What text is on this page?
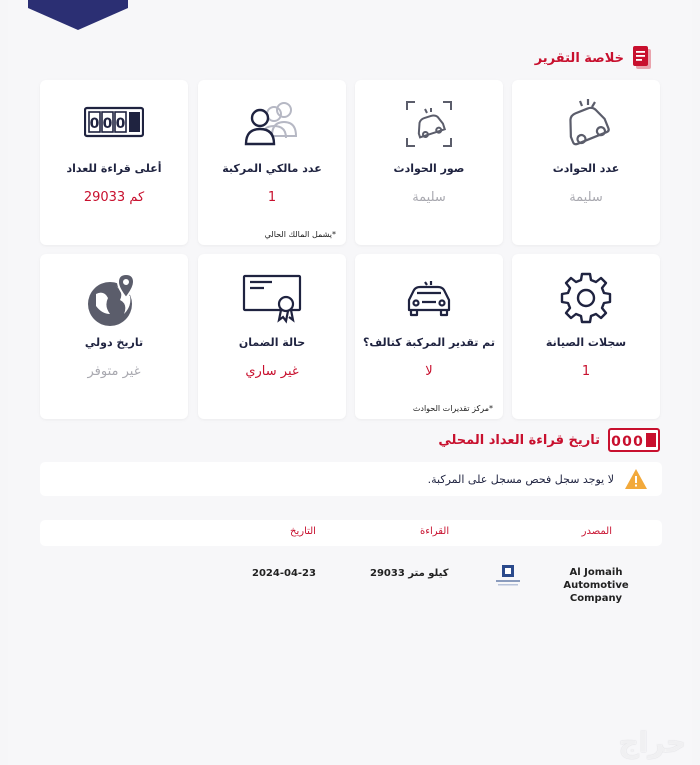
خلاصة التقرير
عدد الحوادث
سليمة
صور الحوادث
سليمة
عدد مالكي المركبة
1
*يشمل المالك الحالي
0 0 0
أعلى قراءة للعداد
29033 كم
سجلات الصيانة
1
تم تقدير المركبة كتالف؟
لا
*مركز تقديرات الحوادث
حالة الضمان
غير ساري
تاريخ دولي
غير متوفر
0 0 0
تاريخ قراءة العداد المحلي
لا يوجد سجل فحص مسجل على المركبة.
المصدر
القراءة
التاريخ
Al Jomaih Automotive Company
29033 كيلو متر
2024-04-23
حراج
